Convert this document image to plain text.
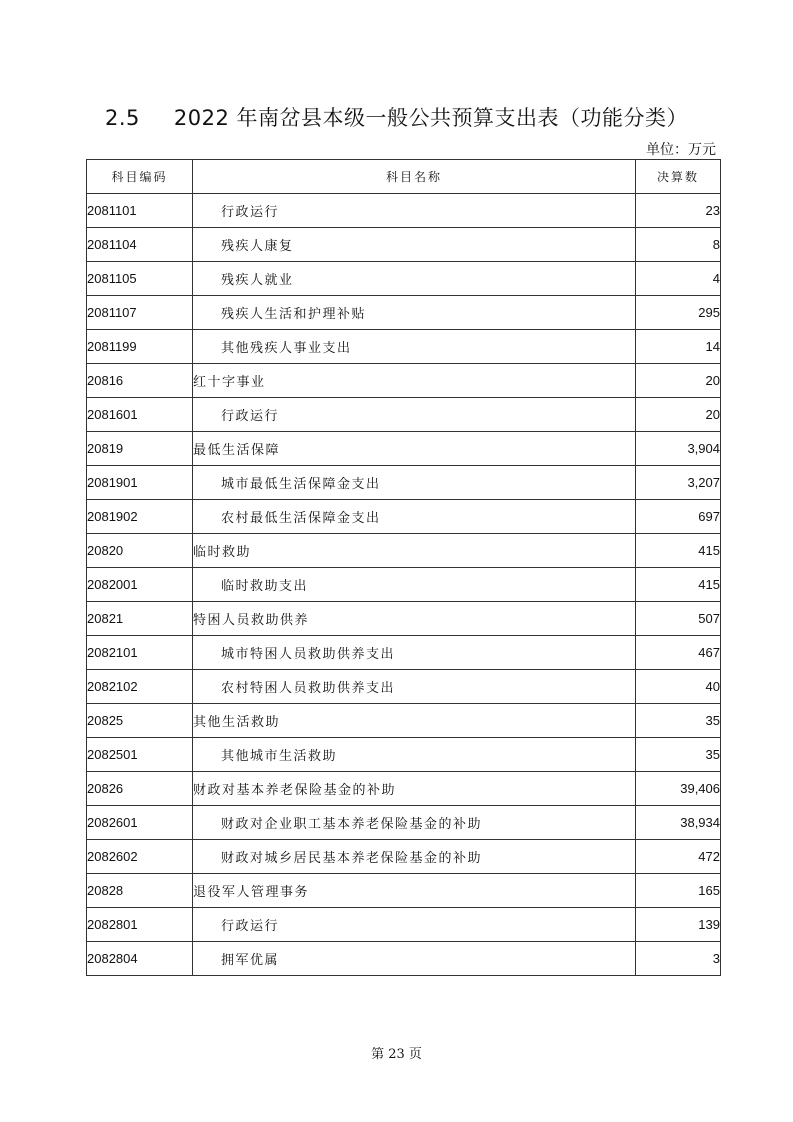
2.5 2022 年南岔县本级一般公共预算支出表（功能分类）
单位：万元
科目编码	科目名称	决算数
2081101	行政运行	23
2081104	残疾人康复	8
2081105	残疾人就业	4
2081107	残疾人生活和护理补贴	295
2081199	其他残疾人事业支出	14
20816	红十字事业	20
2081601	行政运行	20
20819	最低生活保障	3,904
2081901	城市最低生活保障金支出	3,207
2081902	农村最低生活保障金支出	697
20820	临时救助	415
2082001	临时救助支出	415
20821	特困人员救助供养	507
2082101	城市特困人员救助供养支出	467
2082102	农村特困人员救助供养支出	40
20825	其他生活救助	35
2082501	其他城市生活救助	35
20826	财政对基本养老保险基金的补助	39,406
2082601	财政对企业职工基本养老保险基金的补助	38,934
2082602	财政对城乡居民基本养老保险基金的补助	472
20828	退役军人管理事务	165
2082801	行政运行	139
2082804	拥军优属	3
第 23 页
